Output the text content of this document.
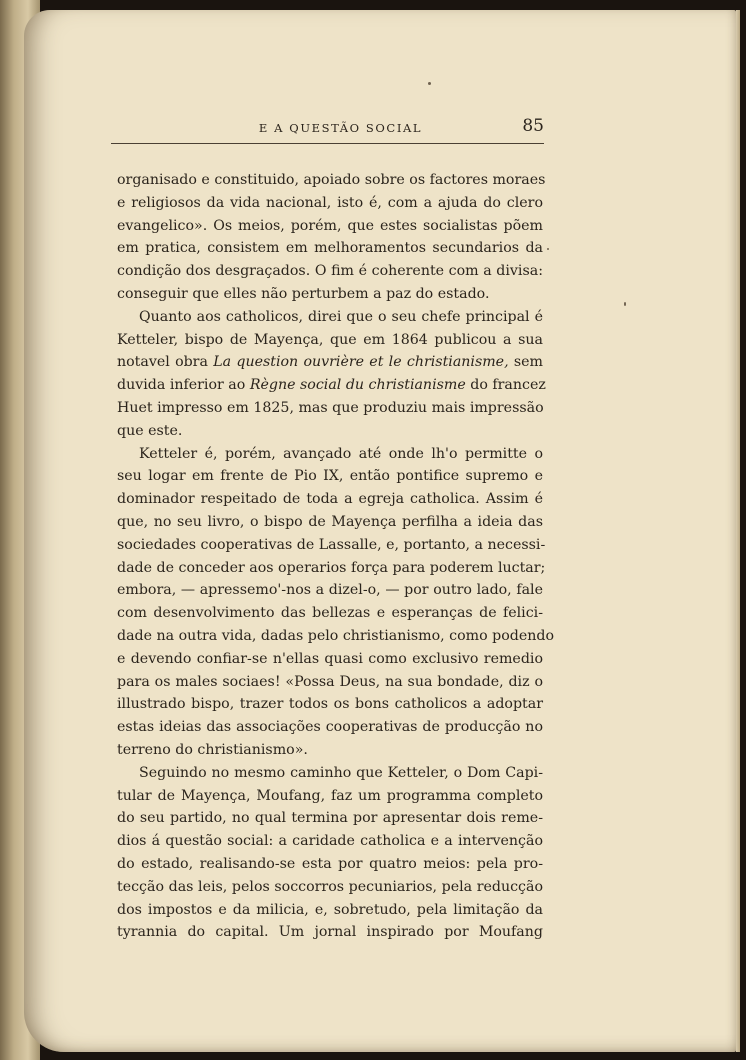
E A QUESTÃO SOCIAL	85
organisado e constituido, apoiado sobre os factores moraes
e religiosos da vida nacional, isto é, com a ajuda do clero
evangelico». Os meios, porém, que estes socialistas põem
em pratica, consistem em melhoramentos secundarios da
condição dos desgraçados. O fim é coherente com a divisa:
conseguir que elles não perturbem a paz do estado.
Quanto aos catholicos, direi que o seu chefe principal é
Ketteler, bispo de Mayença, que em 1864 publicou a sua
notavel obra La question ouvrière et le christianisme, sem
duvida inferior ao Règne social du christianisme do francez
Huet impresso em 1825, mas que produziu mais impressão
que este.
Ketteler é, porém, avançado até onde lh'o permitte o
seu logar em frente de Pio IX, então pontifice supremo e
dominador respeitado de toda a egreja catholica. Assim é
que, no seu livro, o bispo de Mayença perfilha a ideia das
sociedades cooperativas de Lassalle, e, portanto, a necessi-
dade de conceder aos operarios força para poderem luctar;
embora, — apressemo'-nos a dizel-o, — por outro lado, fale
com desenvolvimento das bellezas e esperanças de felici-
dade na outra vida, dadas pelo christianismo, como podendo
e devendo confiar-se n'ellas quasi como exclusivo remedio
para os males sociaes! «Possa Deus, na sua bondade, diz o
illustrado bispo, trazer todos os bons catholicos a adoptar
estas ideias das associações cooperativas de producção no
terreno do christianismo».
Seguindo no mesmo caminho que Ketteler, o Dom Capi-
tular de Mayença, Moufang, faz um programma completo
do seu partido, no qual termina por apresentar dois reme-
dios á questão social: a caridade catholica e a intervenção
do estado, realisando-se esta por quatro meios: pela pro-
tecção das leis, pelos soccorros pecuniarios, pela reducção
dos impostos e da milicia, e, sobretudo, pela limitação da
tyrannia do capital. Um jornal inspirado por Moufang
